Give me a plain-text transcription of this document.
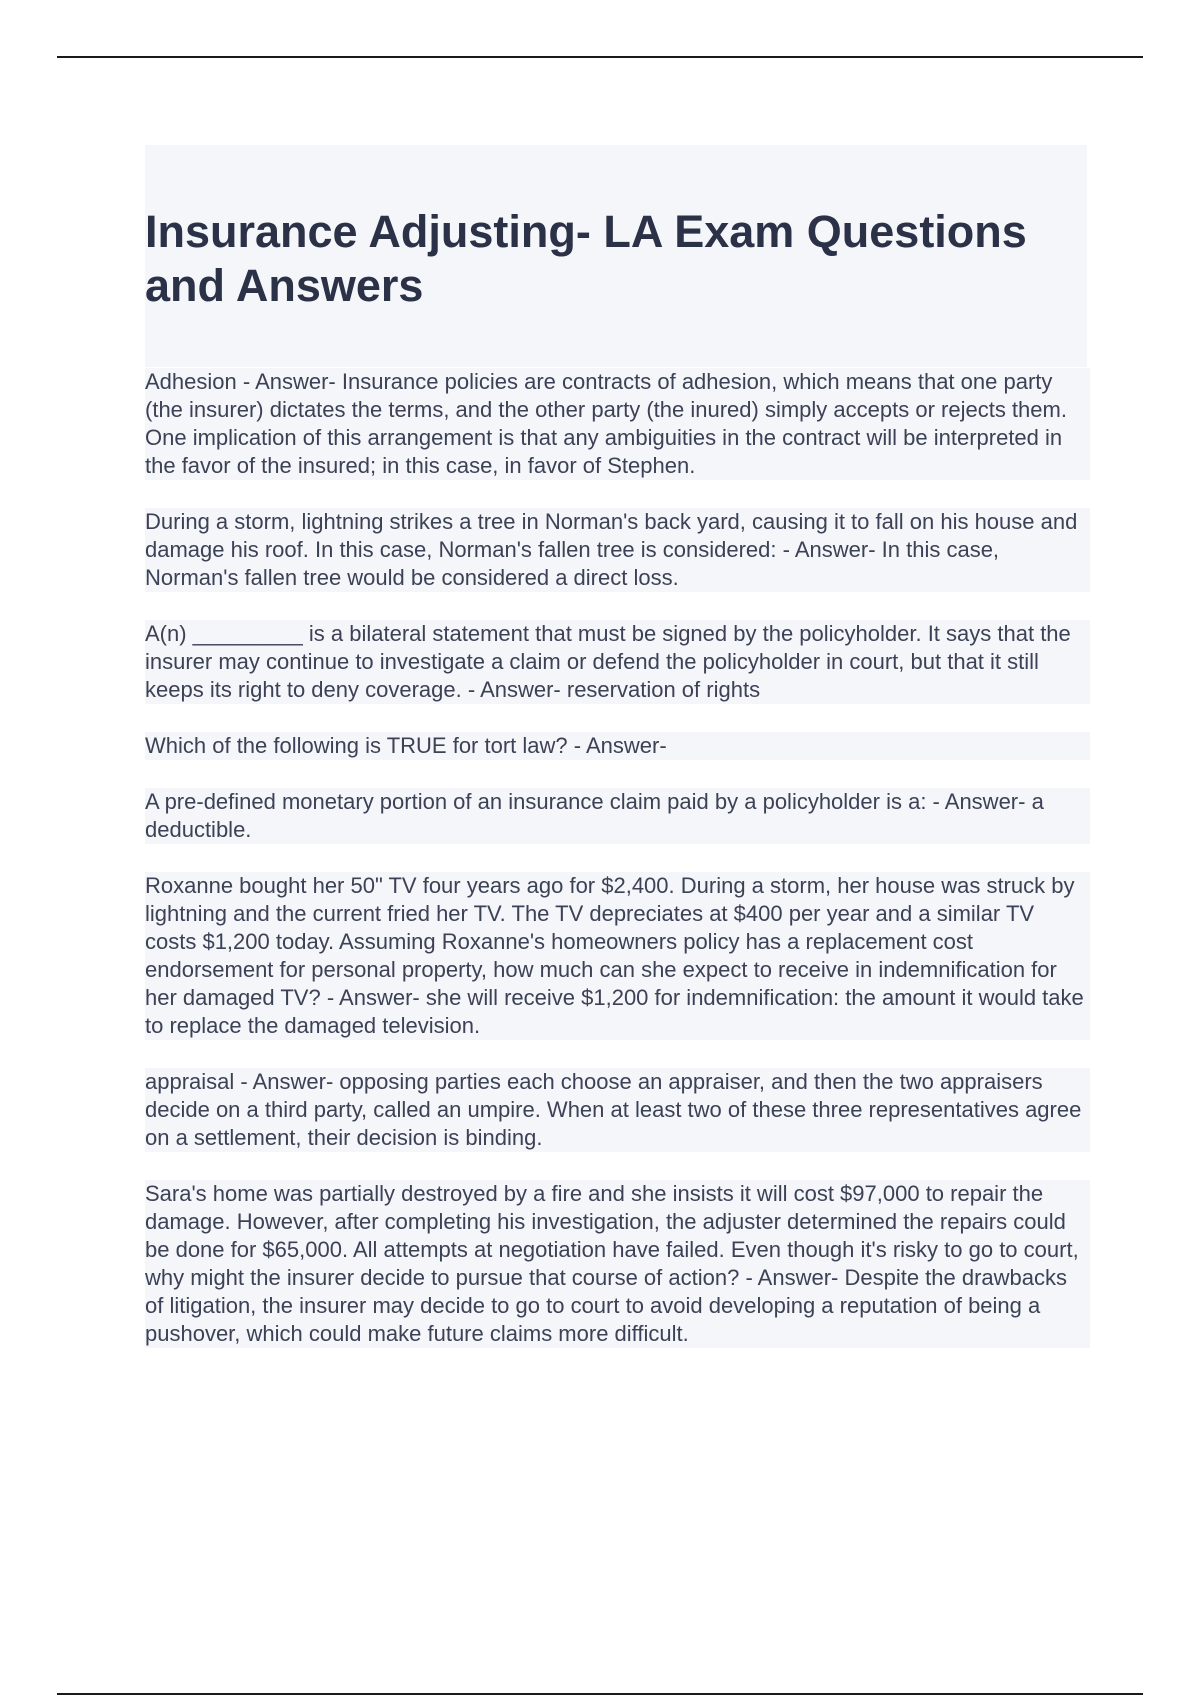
Insurance Adjusting- LA Exam Questions and Answers

Adhesion - Answer- Insurance policies are contracts of adhesion, which means that one party (the insurer) dictates the terms, and the other party (the inured) simply accepts or rejects them. One implication of this arrangement is that any ambiguities in the contract will be interpreted in the favor of the insured; in this case, in favor of Stephen.

During a storm, lightning strikes a tree in Norman's back yard, causing it to fall on his house and damage his roof. In this case, Norman's fallen tree is considered: - Answer- In this case, Norman's fallen tree would be considered a direct loss.

A(n) _________ is a bilateral statement that must be signed by the policyholder. It says that the insurer may continue to investigate a claim or defend the policyholder in court, but that it still keeps its right to deny coverage. - Answer- reservation of rights

Which of the following is TRUE for tort law? - Answer-

A pre-defined monetary portion of an insurance claim paid by a policyholder is a: - Answer- a deductible.

Roxanne bought her 50" TV four years ago for $2,400. During a storm, her house was struck by lightning and the current fried her TV. The TV depreciates at $400 per year and a similar TV costs $1,200 today. Assuming Roxanne's homeowners policy has a replacement cost endorsement for personal property, how much can she expect to receive in indemnification for her damaged TV? - Answer- she will receive $1,200 for indemnification: the amount it would take to replace the damaged television.

appraisal - Answer- opposing parties each choose an appraiser, and then the two appraisers decide on a third party, called an umpire. When at least two of these three representatives agree on a settlement, their decision is binding.

Sara's home was partially destroyed by a fire and she insists it will cost $97,000 to repair the damage. However, after completing his investigation, the adjuster determined the repairs could be done for $65,000. All attempts at negotiation have failed. Even though it's risky to go to court, why might the insurer decide to pursue that course of action? - Answer- Despite the drawbacks of litigation, the insurer may decide to go to court to avoid developing a reputation of being a pushover, which could make future claims more difficult.
